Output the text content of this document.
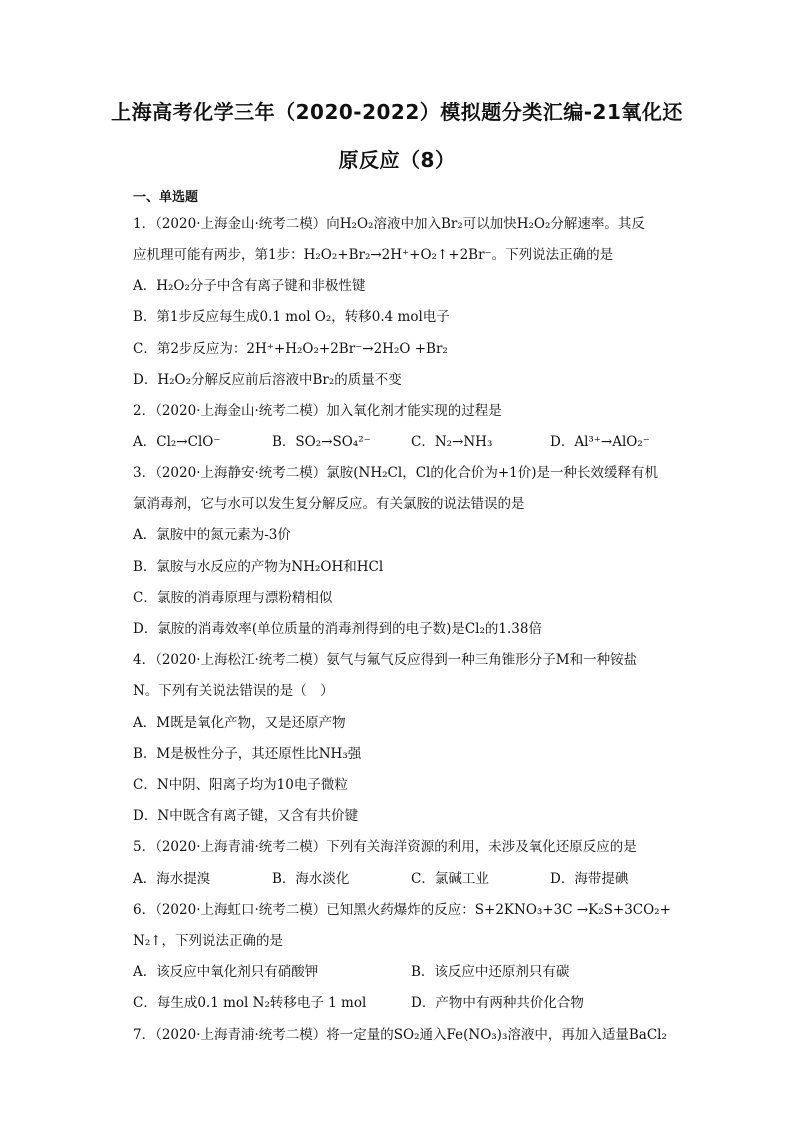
上海高考化学三年（2020-2022）模拟题分类汇编-21氧化还
原反应（8）
一、单选题
1．（2020·上海金山·统考二模）向H₂O₂溶液中加入Br₂可以加快H₂O₂分解速率。其反
应机理可能有两步，第1步：H₂O₂+Br₂→2H⁺+O₂↑+2Br⁻。下列说法正确的是
A．H₂O₂分子中含有离子键和非极性键
B．第1步反应每生成0.1 mol O₂，转移0.4 mol电子
C．第2步反应为：2H⁺+H₂O₂+2Br⁻→2H₂O +Br₂
D．H₂O₂分解反应前后溶液中Br₂的质量不变
2．（2020·上海金山·统考二模）加入氧化剂才能实现的过程是
A．Cl₂→ClO⁻	B．SO₂→SO₄²⁻	C．N₂→NH₃	D．Al³⁺→AlO₂⁻
3．（2020·上海静安·统考二模）氯胺(NH₂Cl，Cl的化合价为+1价)是一种长效缓释有机
氯消毒剂，它与水可以发生复分解反应。有关氯胺的说法错误的是
A．氯胺中的氮元素为-3价
B．氯胺与水反应的产物为NH₂OH和HCl
C．氯胺的消毒原理与漂粉精相似
D．氯胺的消毒效率(单位质量的消毒剂得到的电子数)是Cl₂的1.38倍
4．（2020·上海松江·统考二模）氨气与氟气反应得到一种三角锥形分子M和一种铵盐
N。下列有关说法错误的是（　）
A．M既是氧化产物，又是还原产物
B．M是极性分子，其还原性比NH₃强
C．N中阴、阳离子均为10电子微粒
D．N中既含有离子键，又含有共价键
5．（2020·上海青浦·统考二模）下列有关海洋资源的利用，未涉及氧化还原反应的是
A．海水提溴	B．海水淡化	C．氯碱工业	D．海带提碘
6．（2020·上海虹口·统考二模）已知黑火药爆炸的反应：S+2KNO₃+3C →K₂S+3CO₂+
N₂↑，下列说法正确的是
A．该反应中氧化剂只有硝酸钾	B．该反应中还原剂只有碳
C．每生成0.1 mol N₂转移电子 1 mol	D．产物中有两种共价化合物
7．（2020·上海青浦·统考二模）将一定量的SO₂通入Fe(NO₃)₃溶液中，再加入适量BaCl₂
